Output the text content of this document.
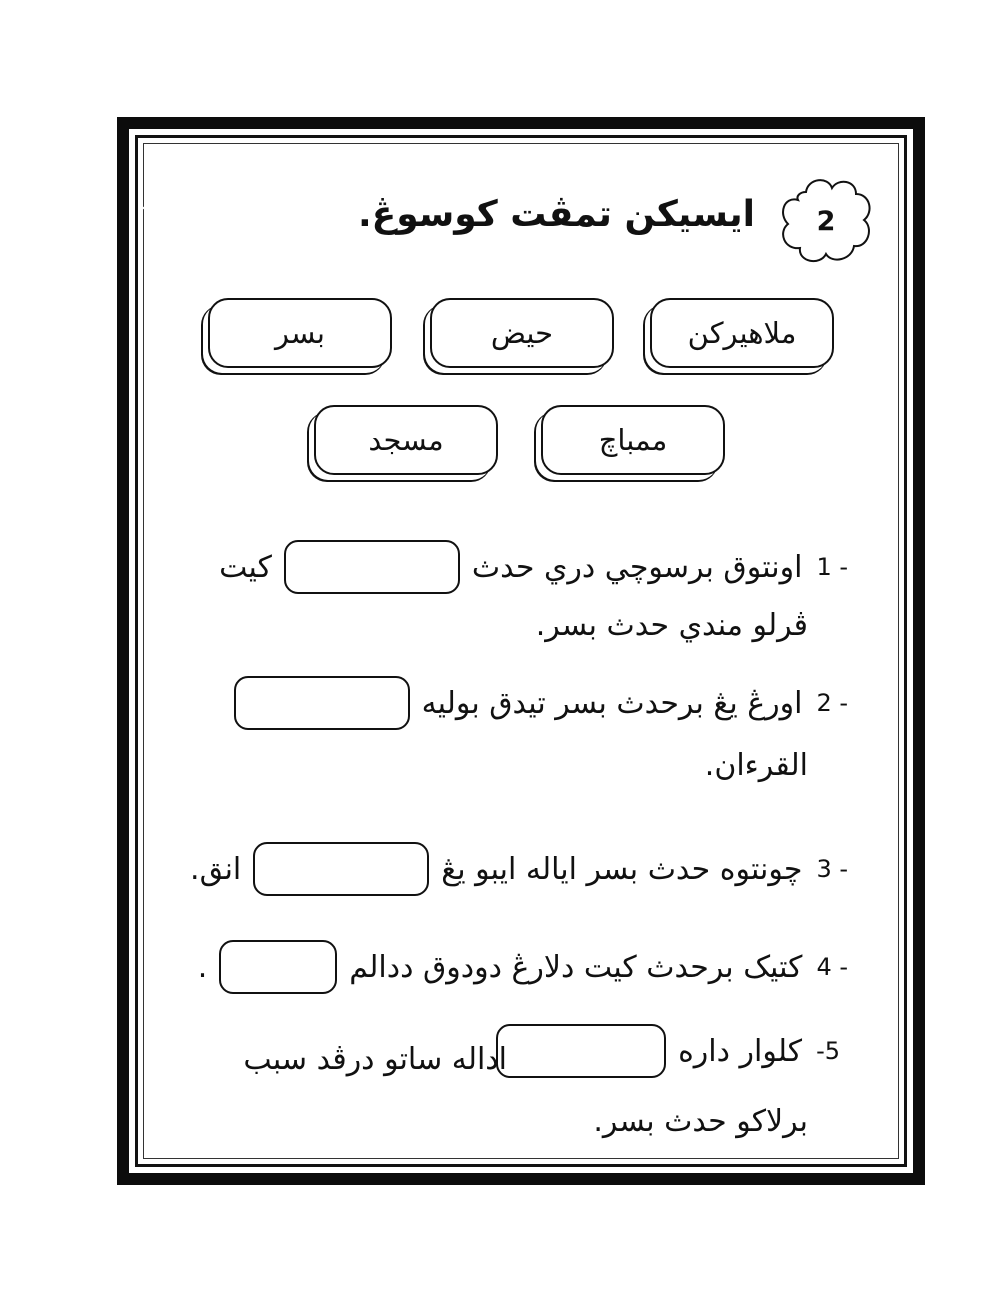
2
ايسيکن تمڤت کوسوڠ.
ملاهيرکن
حيض
بسر
ممباچ
مسجد
1 -
اونتوق برسوچي دري حدث
کيت
ڤرلو مندي حدث بسر.
2 -
اورڠ يڠ برحدث بسر تيدق بوليه
القرءان.
3 -
چونتوه حدث بسر اياله ايبو يڠ
انق.
4 -
کتيک برحدث کيت دلارڠ دودوق ددالم
.
-5
کلوار داره
اداله ساتو درڤد سبب
برلاکو حدث بسر.
